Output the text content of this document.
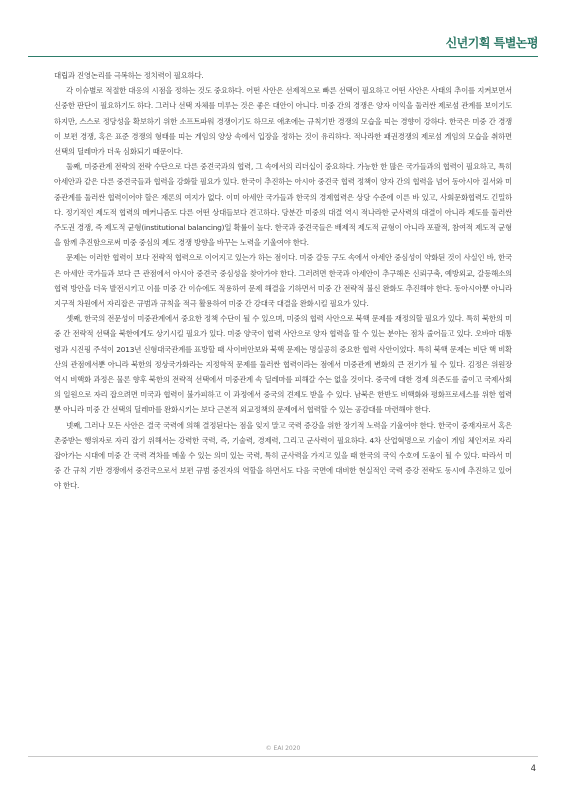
신년기획 특별논평

대립과 진영논리를 극복하는 정치력이 필요하다.

각 이슈별로 적절한 대응의 시점을 정하는 것도 중요하다. 어떤 사안은 선제적으로 빠른 선택이 필요하고 어떤 사안은 사태의 추이를 지켜보면서 신중한 판단이 필요하기도 하다. 그러나 선택 자체를 미루는 것은 좋은 대안이 아니다. 미중 간의 경쟁은 양자 이익을 둘러싼 제로섬 관계를 보이기도 하지만, 스스로 정당성을 확보하기 위한 소프트파워 경쟁이기도 하므로 애초에는 규칙기반 경쟁의 모습을 띠는 경향이 강하다. 한국은 미중 간 경쟁이 보편 경쟁, 혹은 표준 경쟁의 형태를 띠는 게임의 양상 속에서 입장을 정하는 것이 유리하다. 적나라한 패권경쟁의 제로섬 게임의 모습을 취하면 선택의 딜레마가 더욱 심화되기 때문이다.

둘째, 미중관계 전략의 전략 수단으로 다른 중견국과의 협력, 그 속에서의 리더십이 중요하다. 가능한 한 많은 국가들과의 협력이 필요하고, 특히 아세안과 같은 다른 중견국들과 협력을 강화할 필요가 있다. 한국이 추진하는 아시아 중견국 협력 정책이 양자 간의 협력을 넘어 동아시아 질서와 미중관계를 둘러싼 협력이어야 할은 재론의 여지가 없다. 이미 아세안 국가들과 한국의 경제협력은 상당 수준에 이른 바 있고, 사회문화협력도 긴밀하다. 정기적인 제도적 협력의 메커니즘도 다른 어떤 상대들보다 견고하다. 당분간 미중의 대결 역시 적나라한 군사력의 대결이 아니라 제도를 둘러싼 주도권 경쟁, 즉 제도적 균형(institutional balancing)일 확률이 높다. 한국과 중견국들은 배제적 제도적 균형이 아니라 포괄적, 참여적 제도적 균형을 함께 추진함으로써 미중 중심의 제도 경쟁 방향을 바꾸는 노력을 기울여야 한다.

문제는 이러한 협력이 보다 전략적 협력으로 이어지고 있는가 하는 점이다. 미중 갈등 구도 속에서 아세안 중심성이 약화된 것이 사실인 바, 한국은 아세안 국가들과 보다 큰 관점에서 아시아 중견국 중심성을 찾아가야 한다. 그러려면 한국과 아세안이 추구해온 신뢰구축, 예방외교, 갈등해소의 협력 방안을 더욱 발전시키고 이를 미중 간 이슈에도 적용하여 문제 해결을 기하면서 미중 간 전략적 불신 완화도 추진해야 한다. 동아시아뿐 아니라 지구적 차원에서 자리잡은 규범과 규칙을 적극 활용하여 미중 간 강대국 대결을 완화시킬 필요가 있다.

셋째, 한국의 전문성이 미중관계에서 중요한 정책 수단이 될 수 있으며, 미중의 협력 사안으로 북핵 문제를 재정의할 필요가 있다. 특히 북한의 미중 간 전략적 선택을 북한에게도 상기시킬 필요가 있다. 미중 양국이 협력 사안으로 양자 협력을 할 수 있는 분야는 점차 줄어들고 있다. 오바마 대통령과 시진핑 주석이 2013년 신형대국관계를 표방할 때 사이버안보와 북핵 문제는 명실공히 중요한 협력 사안이었다. 특히 북핵 문제는 비단 핵 비확산의 관점에서뿐 아니라 북한의 정상국가화라는 지정학적 문제를 둘러싼 협력이라는 점에서 미중관계 변화의 큰 전기가 될 수 있다. 김정은 위원장 역시 비핵화 과정은 물론 향후 북한의 전략적 선택에서 미중관계 속 딜레마를 피해갈 수는 없을 것이다. 중국에 대한 경제 의존도를 줄이고 국제사회의 일원으로 자리 잡으려면 미국과 협력이 불가피하고 이 과정에서 중국의 견제도 받을 수 있다. 남북은 한반도 비핵화와 평화프로세스를 위한 협력뿐 아니라 미중 간 선택의 딜레마를 완화시키는 보다 근본적 외교정책의 문제에서 협력할 수 있는 공감대를 마련해야 한다.

넷째, 그러나 모든 사안은 결국 국력에 의해 결정된다는 점을 잊지 말고 국력 증강을 위한 장기적 노력을 기울여야 한다. 한국이 중재자로서 혹은 촌중받는 행위자로 자리 잡기 위해서는 강력한 국력, 즉, 기술력, 경제력, 그리고 군사력이 필요하다. 4차 산업혁명으로 기술이 게임 체인저로 자리 잡아가는 시대에 미중 간 국력 격차를 메울 수 있는 의미 있는 국력, 특히 군사력을 가지고 있을 때 한국의 국익 수호에 도움이 될 수 있다. 따라서 미중 간 규칙 기반 경쟁에서 중견국으로서 보편 규범 중진자의 역할을 하면서도 다음 국면에 대비한 현실적인 국력 증강 전략도 동시에 추진하고 있어야 한다.

© EAI 2020
4
